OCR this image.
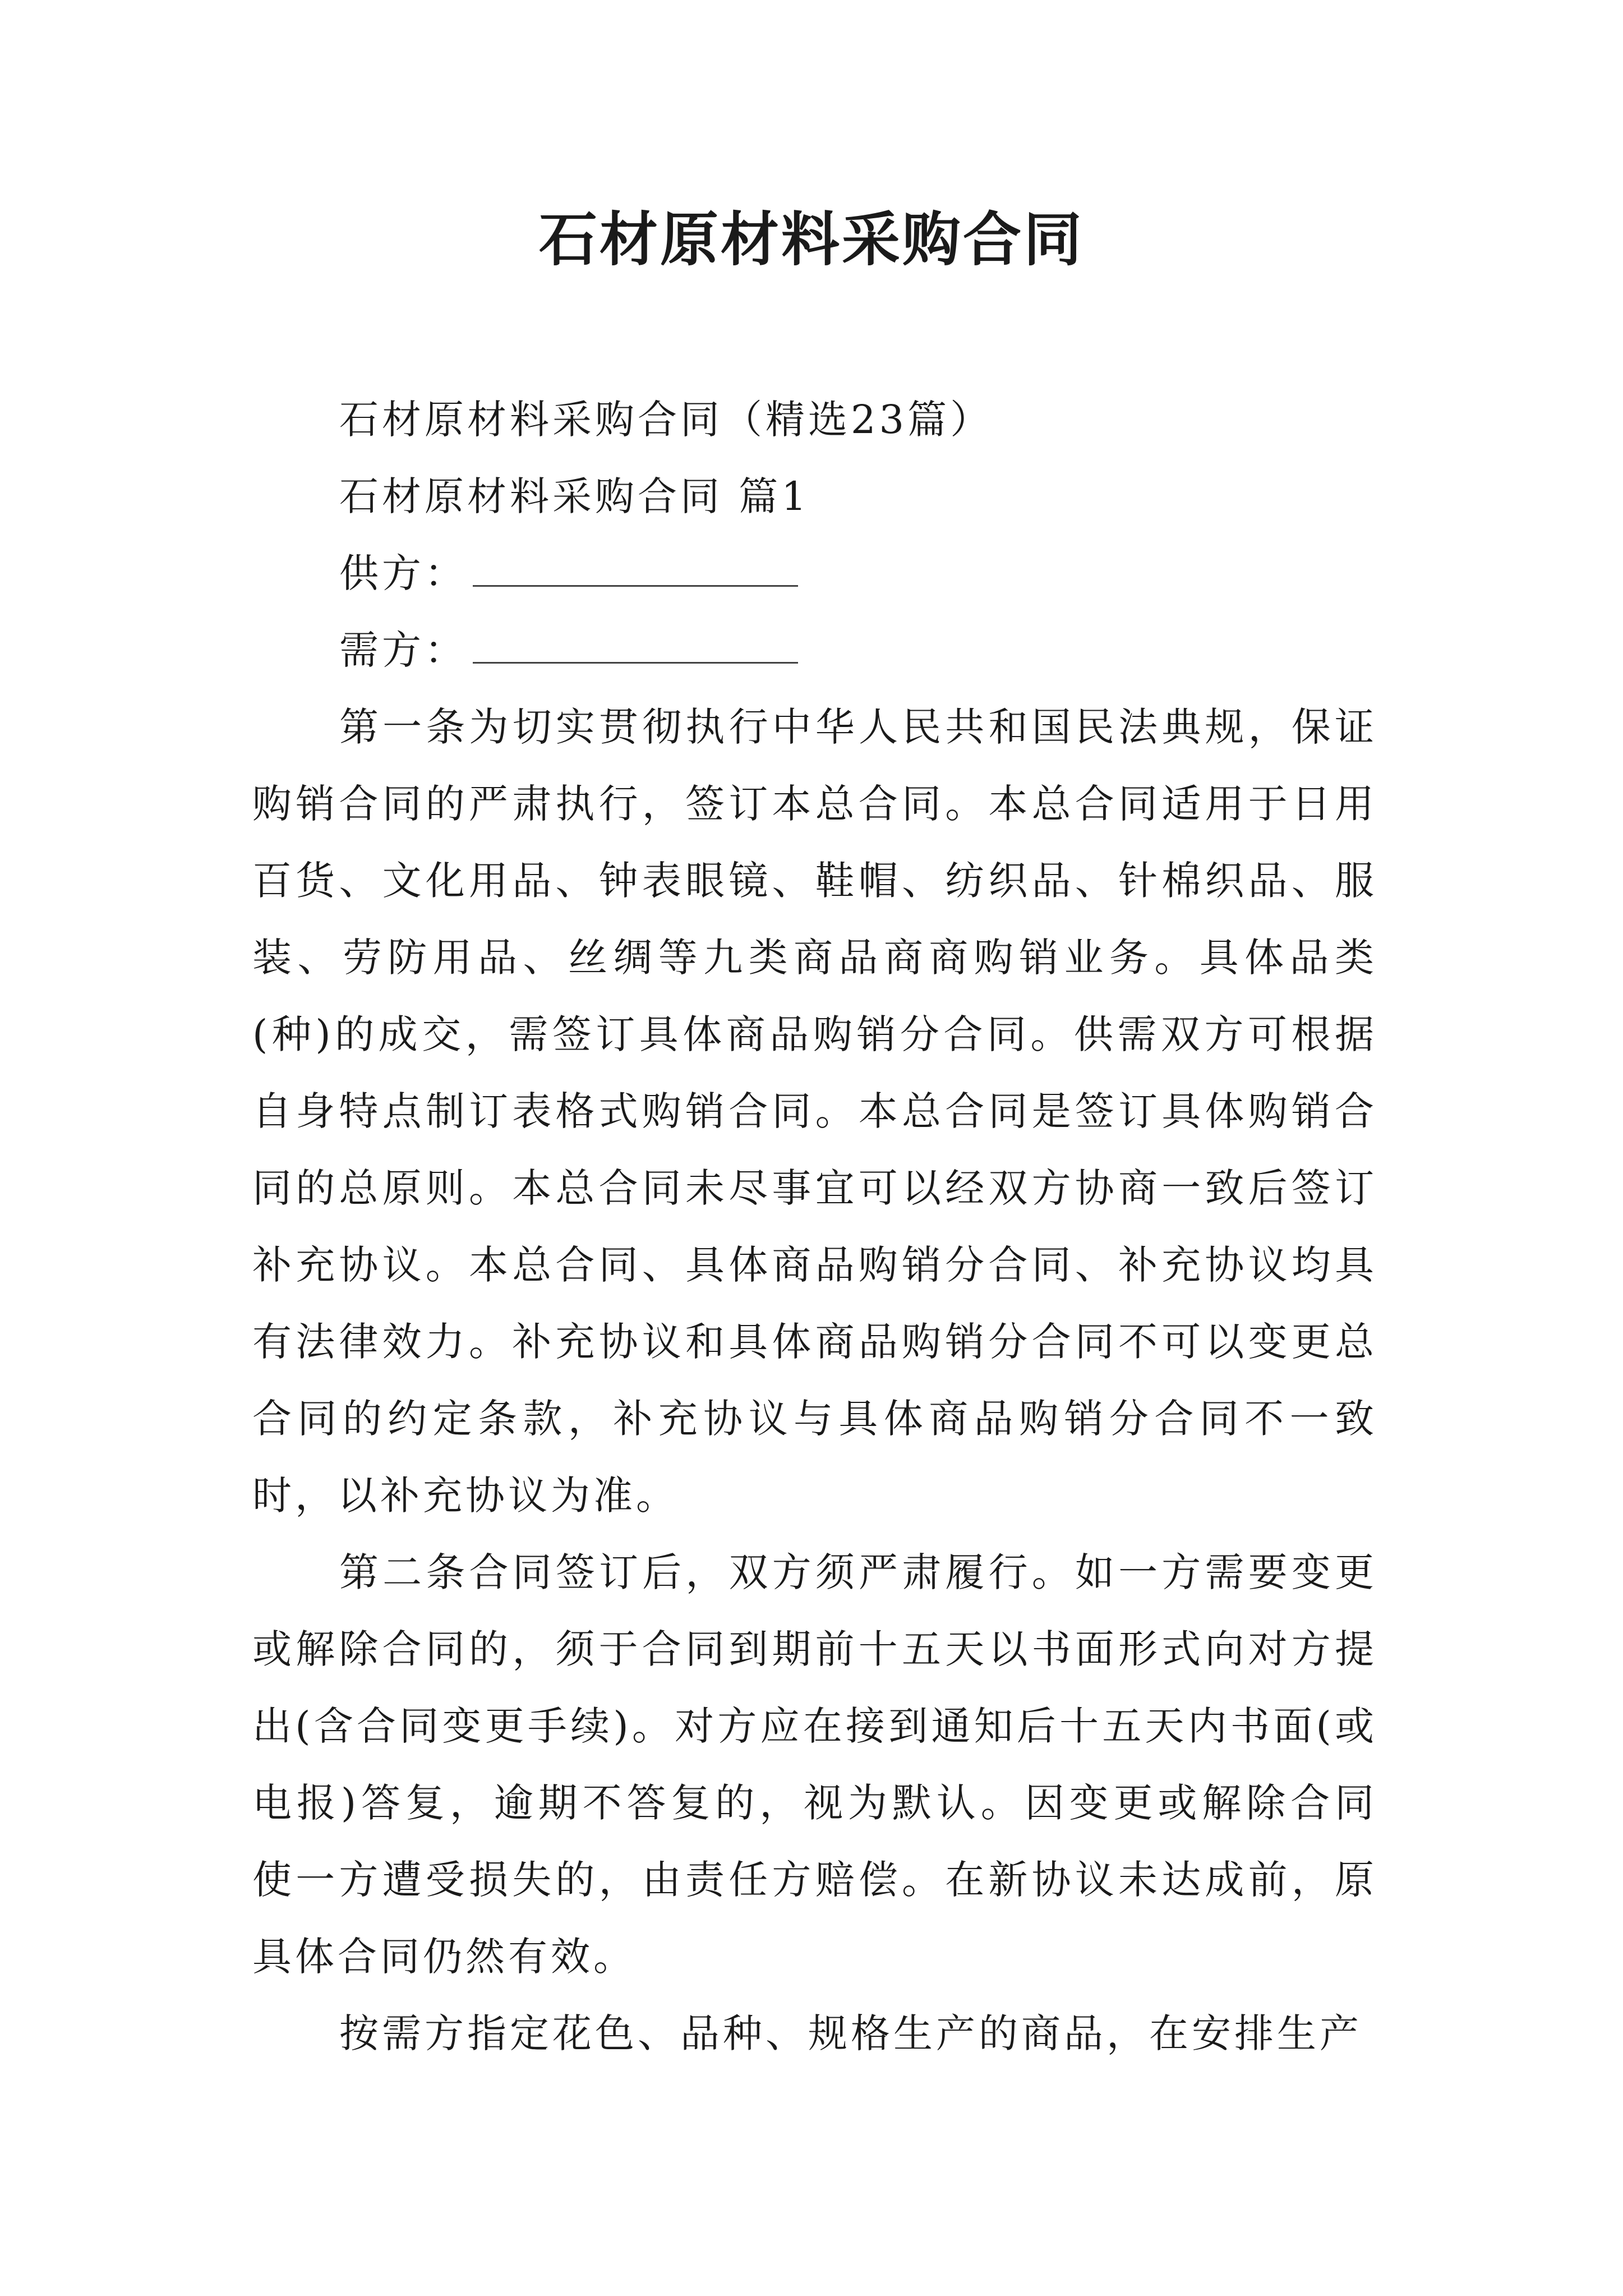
石材原材料采购合同

石材原材料采购合同（精选23篇）

石材原材料采购合同 篇1

供方：

需方：

第一条为切实贯彻执行中华人民共和国民法典规，保证购销合同的严肃执行，签订本总合同。本总合同适用于日用百货、文化用品、钟表眼镜、鞋帽、纺织品、针棉织品、服装、劳防用品、丝绸等九类商品商商购销业务。具体品类(种)的成交，需签订具体商品购销分合同。供需双方可根据自身特点制订表格式购销合同。本总合同是签订具体购销合同的总原则。本总合同未尽事宜可以经双方协商一致后签订补充协议。本总合同、具体商品购销分合同、补充协议均具有法律效力。补充协议和具体商品购销分合同不可以变更总合同的约定条款，补充协议与具体商品购销分合同不一致时，以补充协议为准。

第二条合同签订后，双方须严肃履行。如一方需要变更或解除合同的，须于合同到期前十五天以书面形式向对方提出(含合同变更手续)。对方应在接到通知后十五天内书面(或电报)答复，逾期不答复的，视为默认。因变更或解除合同使一方遭受损失的，由责任方赔偿。在新协议未达成前，原具体合同仍然有效。

按需方指定花色、品种、规格生产的商品，在安排生产
